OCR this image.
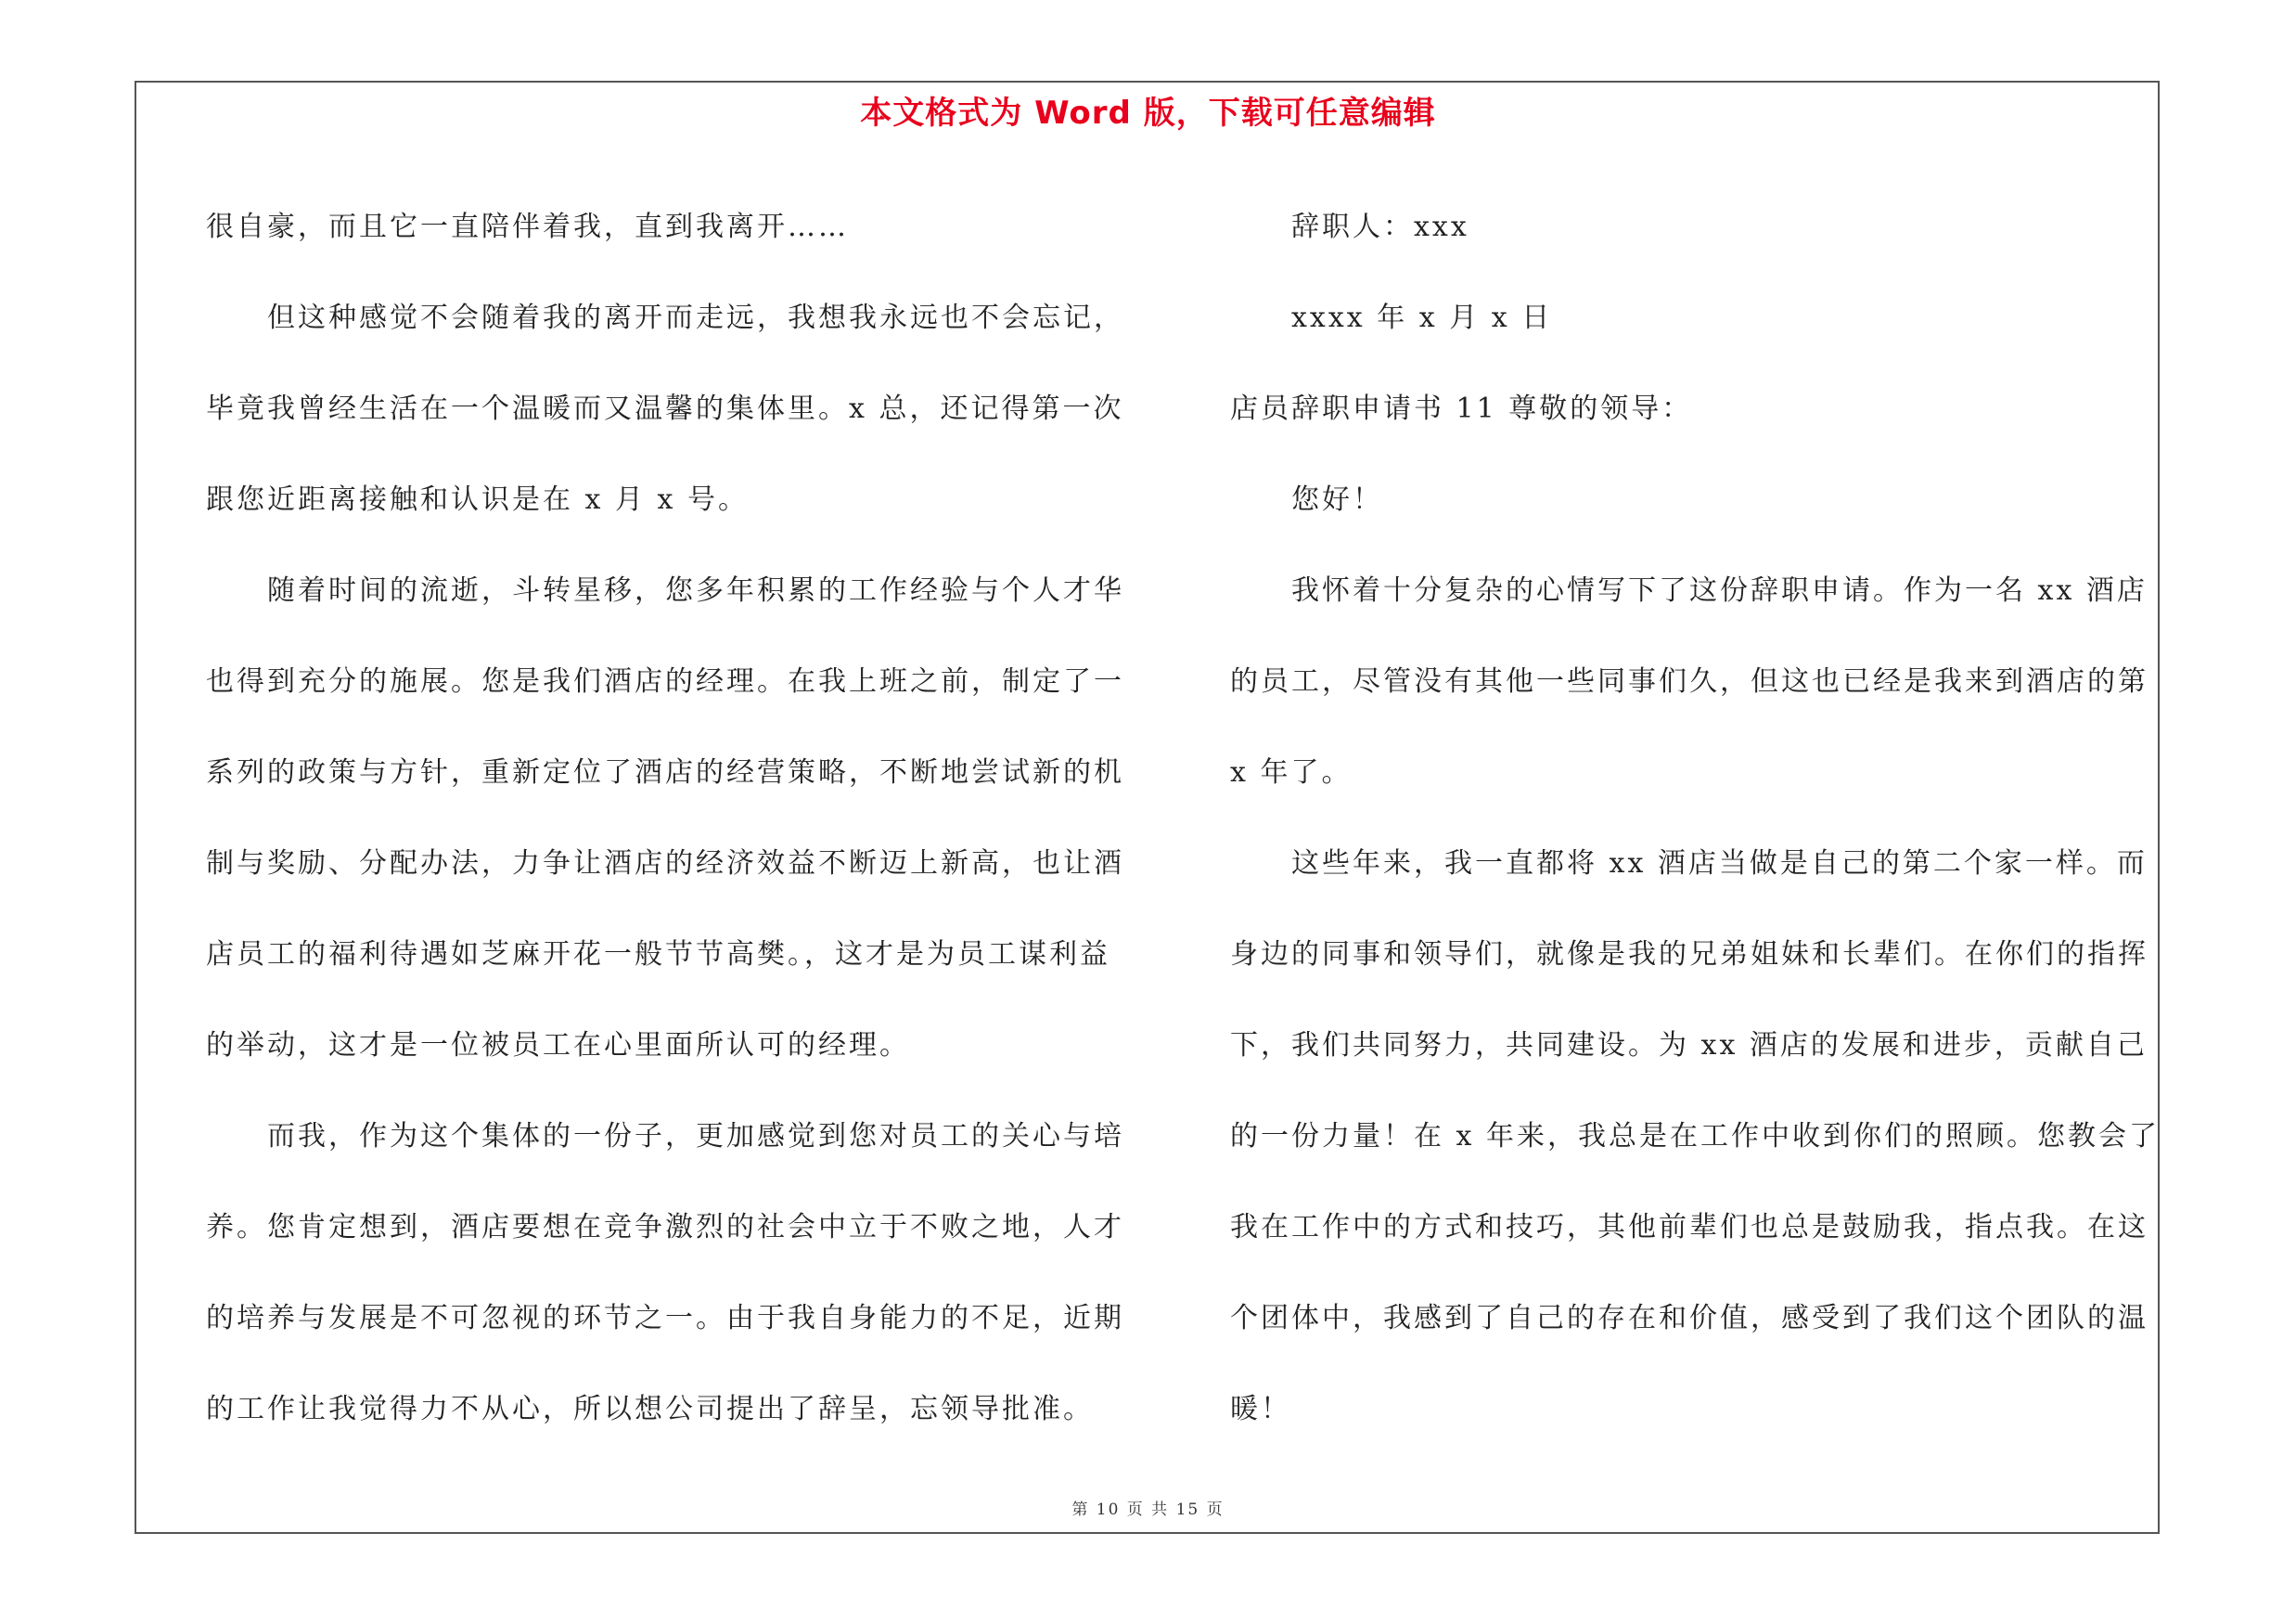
本文格式为 Word 版，下载可任意编辑

很自豪，而且它一直陪伴着我，直到我离开……

但这种感觉不会随着我的离开而走远，我想我永远也不会忘记，

毕竟我曾经生活在一个温暖而又温馨的集体里。x 总，还记得第一次

跟您近距离接触和认识是在 x 月 x 号。

随着时间的流逝，斗转星移，您多年积累的工作经验与个人才华

也得到充分的施展。您是我们酒店的经理。在我上班之前，制定了一

系列的政策与方针，重新定位了酒店的经营策略，不断地尝试新的机

制与奖励、分配办法，力争让酒店的经济效益不断迈上新高，也让酒

店员工的福利待遇如芝麻开花一般节节高樊。，这才是为员工谋利益

的举动，这才是一位被员工在心里面所认可的经理。

而我，作为这个集体的一份子，更加感觉到您对员工的关心与培

养。您肯定想到，酒店要想在竞争激烈的社会中立于不败之地，人才

的培养与发展是不可忽视的环节之一。由于我自身能力的不足，近期

的工作让我觉得力不从心，所以想公司提出了辞呈，忘领导批准。

辞职人：xxx

xxxx 年 x 月 x 日

店员辞职申请书 11 尊敬的领导：

您好！

我怀着十分复杂的心情写下了这份辞职申请。作为一名 xx 酒店

的员工，尽管没有其他一些同事们久，但这也已经是我来到酒店的第

x 年了。

这些年来，我一直都将 xx 酒店当做是自己的第二个家一样。而

身边的同事和领导们，就像是我的兄弟姐妹和长辈们。在你们的指挥

下，我们共同努力，共同建设。为 xx 酒店的发展和进步，贡献自己

的一份力量！在 x 年来，我总是在工作中收到你们的照顾。您教会了

我在工作中的方式和技巧，其他前辈们也总是鼓励我，指点我。在这

个团体中，我感到了自己的存在和价值，感受到了我们这个团队的温

暖！

第 10 页 共 15 页
